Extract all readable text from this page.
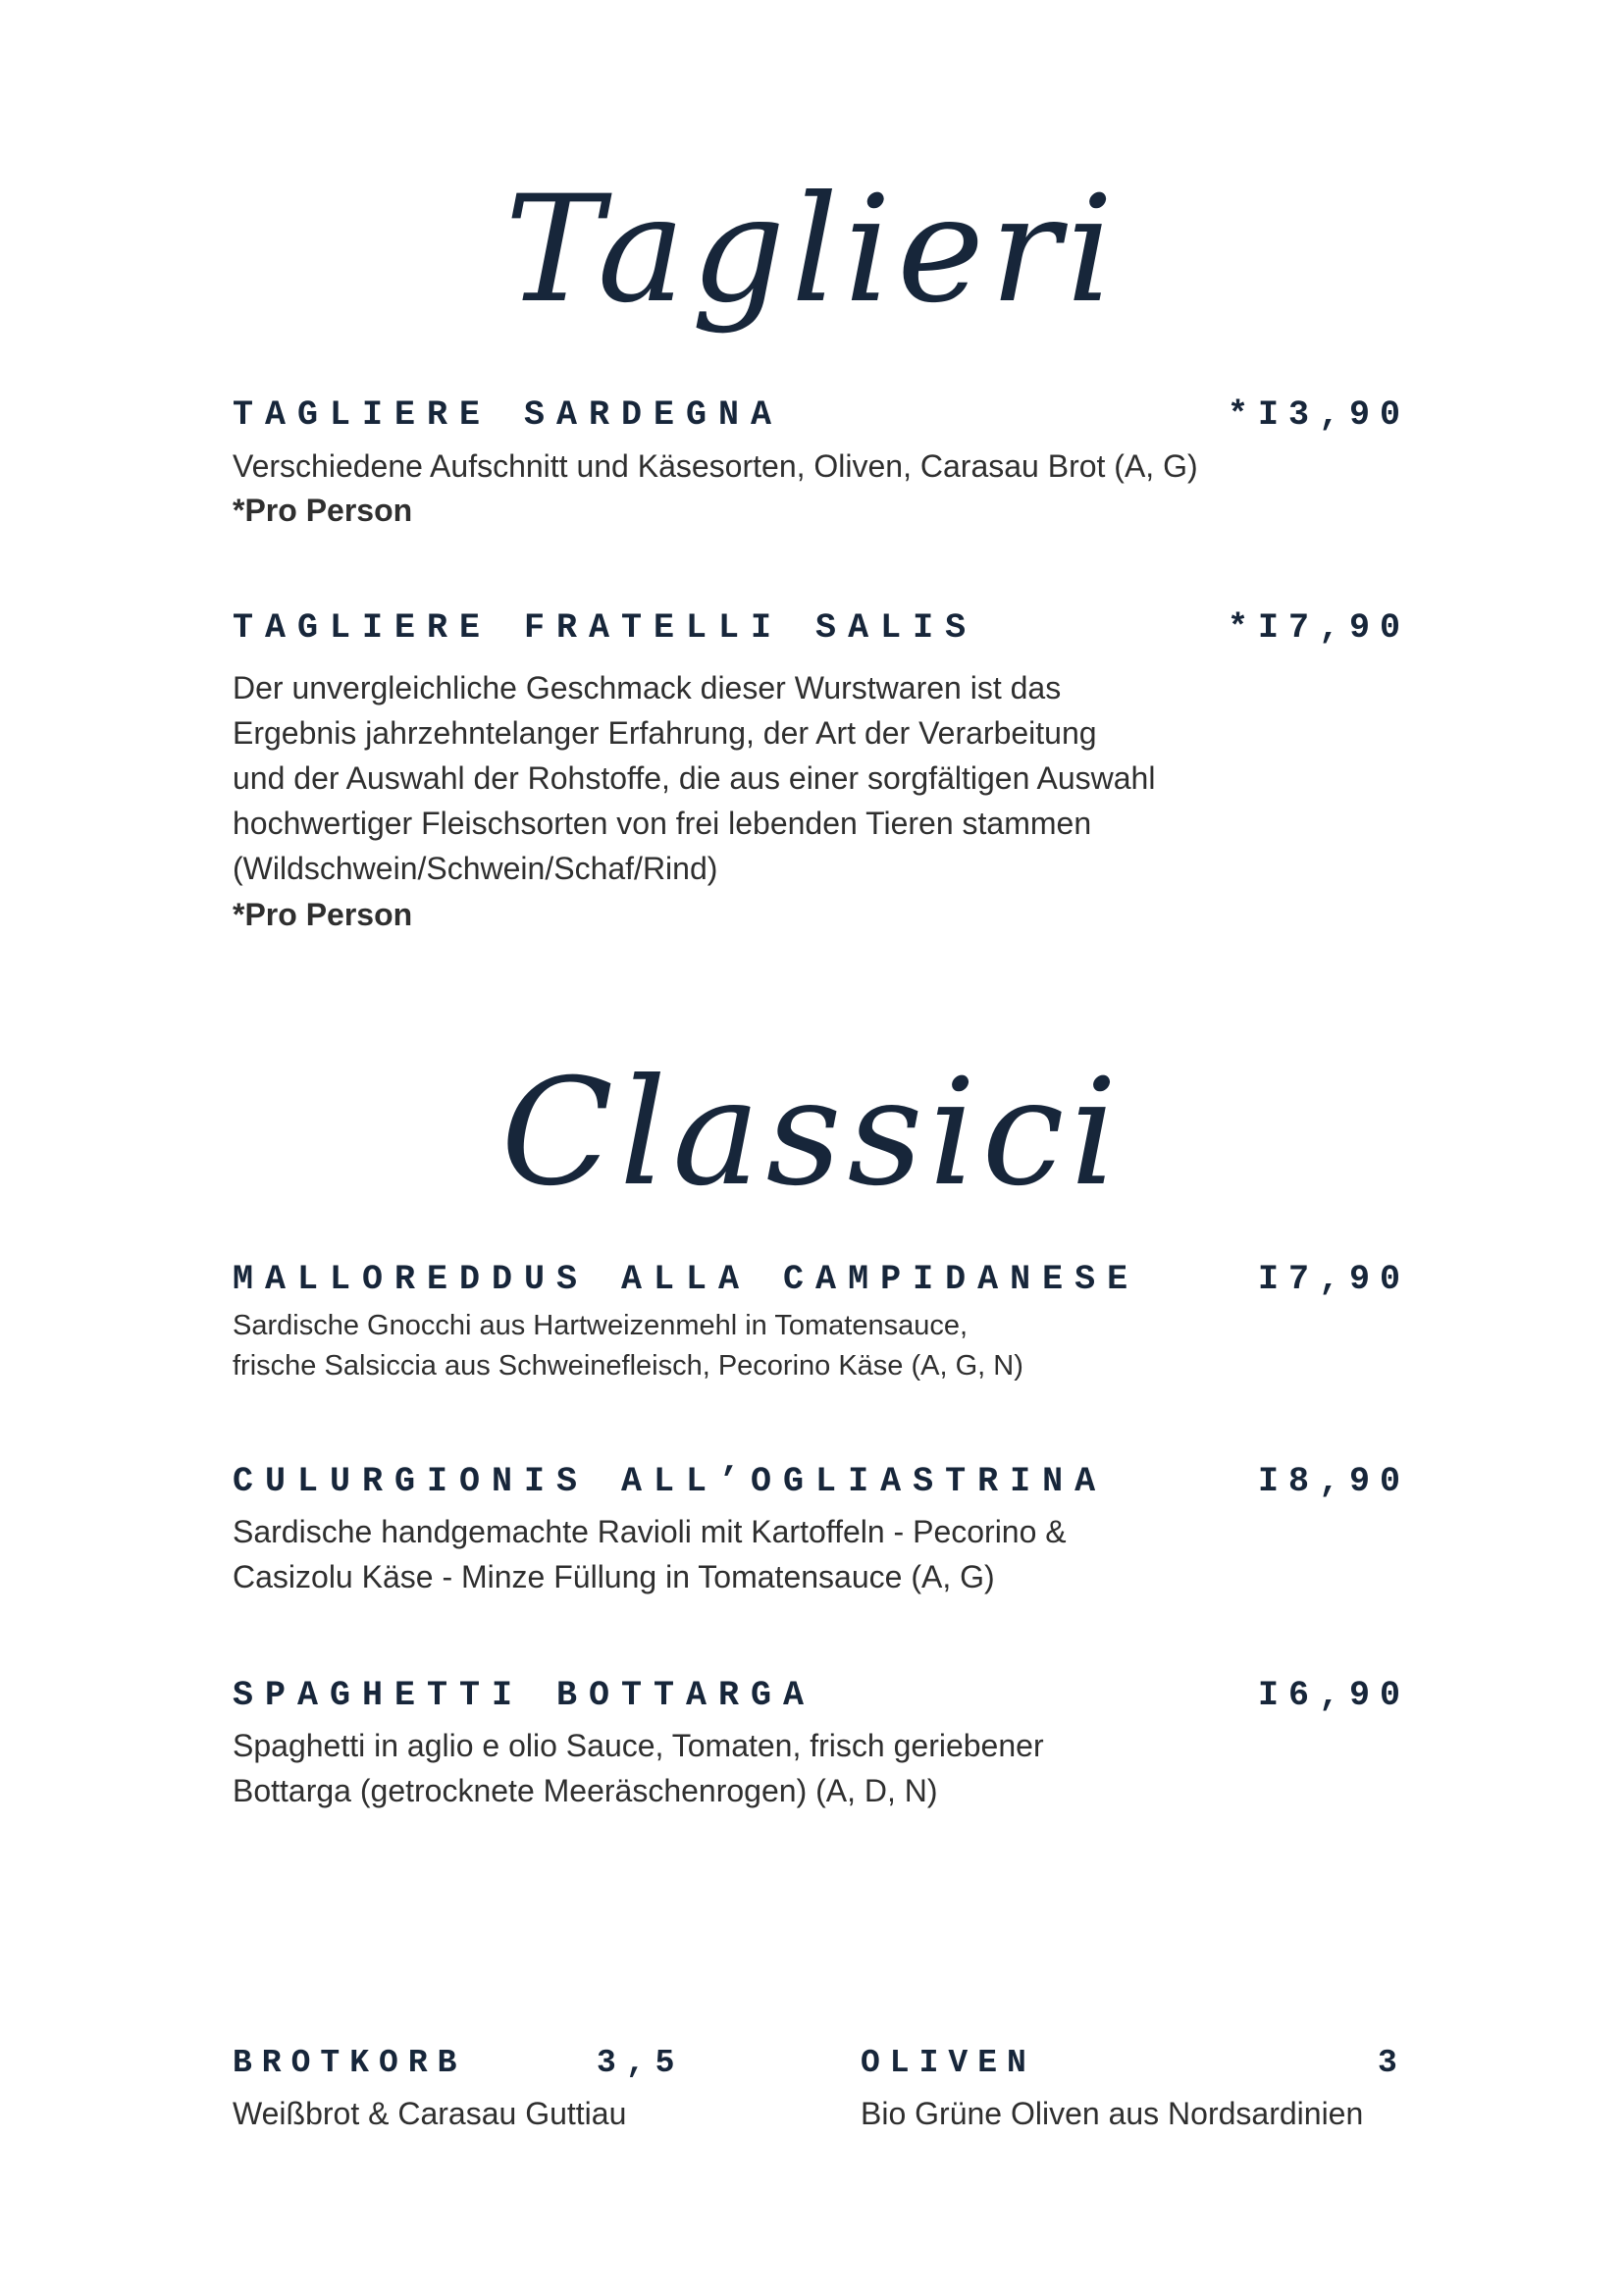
Taglieri
TAGLIERE SARDEGNA	*I3,90
Verschiedene Aufschnitt und Käsesorten, Oliven, Carasau Brot (A, G)
*Pro Person
TAGLIERE FRATELLI SALIS	*I7,90

Der unvergleichliche Geschmack dieser Wurstwaren ist das

Ergebnis jahrzehntelanger Erfahrung, der Art der Verarbeitung

und der Auswahl der Rohstoffe, die aus einer sorgfältigen Auswahl

hochwertiger Fleischsorten von frei lebenden Tieren stammen

(Wildschwein/Schwein/Schaf/Rind)

*Pro Person
Classici
MALLOREDDUS ALLA CAMPIDANESE	I7,90

Sardische Gnocchi aus Hartweizenmehl in Tomatensauce,

frische Salsiccia aus Schweinefleisch, Pecorino Käse (A, G, N)

CULURGIONIS ALL’OGLIASTRINA	I8,90

Sardische handgemachte Ravioli mit Kartoffeln - Pecorino &

Casizolu Käse - Minze Füllung in Tomatensauce (A, G)

SPAGHETTI BOTTARGA	I6,90

Spaghetti in aglio e olio Sauce, Tomaten, frisch geriebener

Bottarga (getrocknete Meeräschenrogen) (A, D, N)

BROTKORB	3,5
Weißbrot & Carasau Guttiau
OLIVEN	3
Bio Grüne Oliven aus Nordsardinien
